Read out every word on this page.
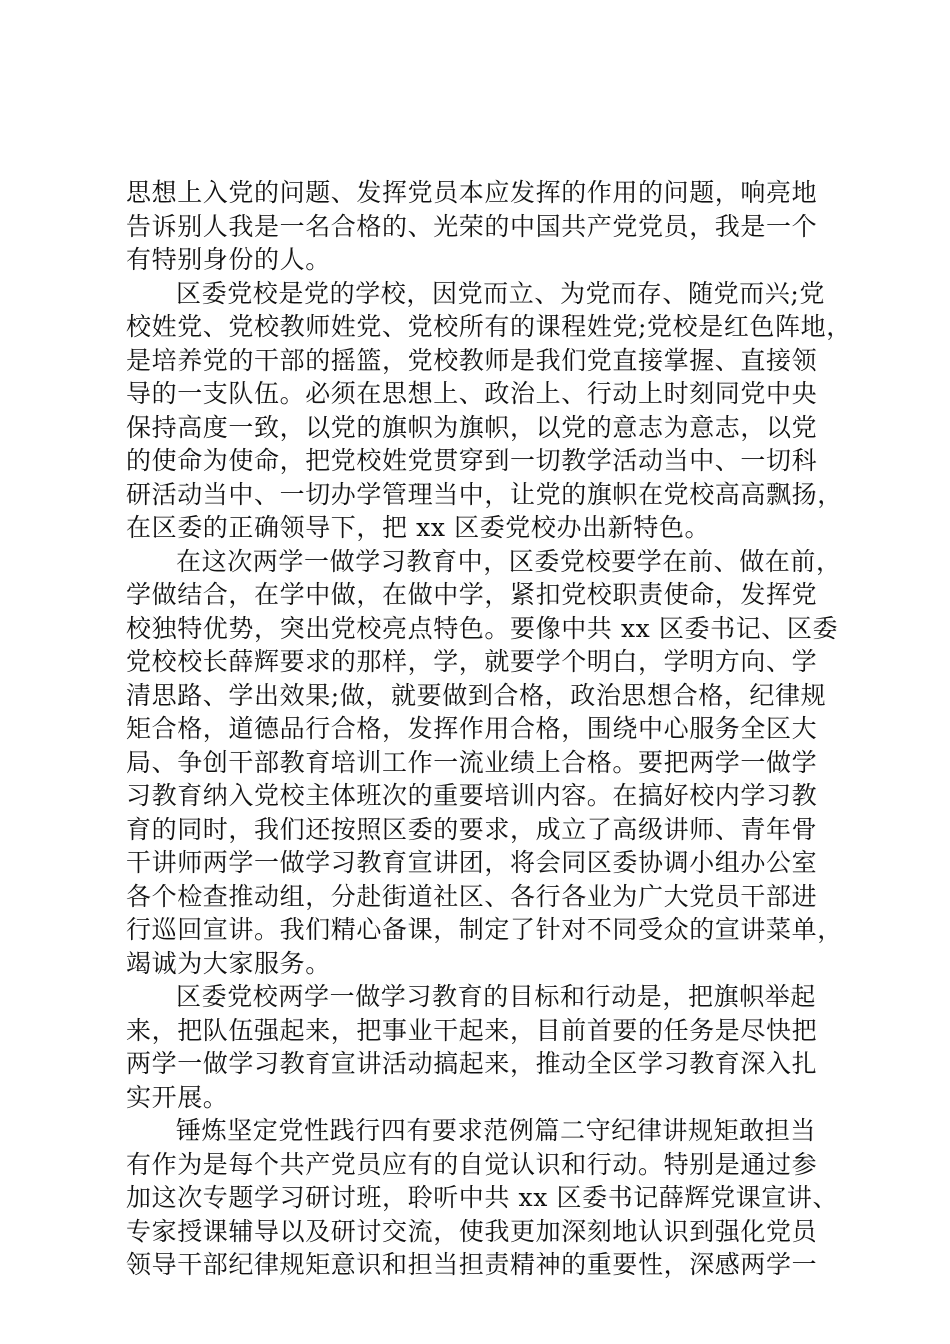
思想上入党的问题、发挥党员本应发挥的作用的问题，响亮地
告诉别人我是一名合格的、光荣的中国共产党党员，我是一个
有特别身份的人。
区委党校是党的学校，因党而立、为党而存、随党而兴;党
校姓党、党校教师姓党、党校所有的课程姓党;党校是红色阵地，
是培养党的干部的摇篮，党校教师是我们党直接掌握、直接领
导的一支队伍。必须在思想上、政治上、行动上时刻同党中央
保持高度一致，以党的旗帜为旗帜，以党的意志为意志，以党
的使命为使命，把党校姓党贯穿到一切教学活动当中、一切科
研活动当中、一切办学管理当中，让党的旗帜在党校高高飘扬，
在区委的正确领导下，把 xx 区委党校办出新特色。
在这次两学一做学习教育中，区委党校要学在前、做在前，
学做结合，在学中做，在做中学，紧扣党校职责使命，发挥党
校独特优势，突出党校亮点特色。要像中共 xx 区委书记、区委
党校校长薛辉要求的那样，学，就要学个明白，学明方向、学
清思路、学出效果;做，就要做到合格，政治思想合格，纪律规
矩合格，道德品行合格，发挥作用合格，围绕中心服务全区大
局、争创干部教育培训工作一流业绩上合格。要把两学一做学
习教育纳入党校主体班次的重要培训内容。在搞好校内学习教
育的同时，我们还按照区委的要求，成立了高级讲师、青年骨
干讲师两学一做学习教育宣讲团，将会同区委协调小组办公室
各个检查推动组，分赴街道社区、各行各业为广大党员干部进
行巡回宣讲。我们精心备课，制定了针对不同受众的宣讲菜单，
竭诚为大家服务。
区委党校两学一做学习教育的目标和行动是，把旗帜举起
来，把队伍强起来，把事业干起来，目前首要的任务是尽快把
两学一做学习教育宣讲活动搞起来，推动全区学习教育深入扎
实开展。
锤炼坚定党性践行四有要求范例篇二守纪律讲规矩敢担当
有作为是每个共产党员应有的自觉认识和行动。特别是通过参
加这次专题学习研讨班，聆听中共 xx 区委书记薛辉党课宣讲、
专家授课辅导以及研讨交流，使我更加深刻地认识到强化党员
领导干部纪律规矩意识和担当担责精神的重要性，深感两学一
